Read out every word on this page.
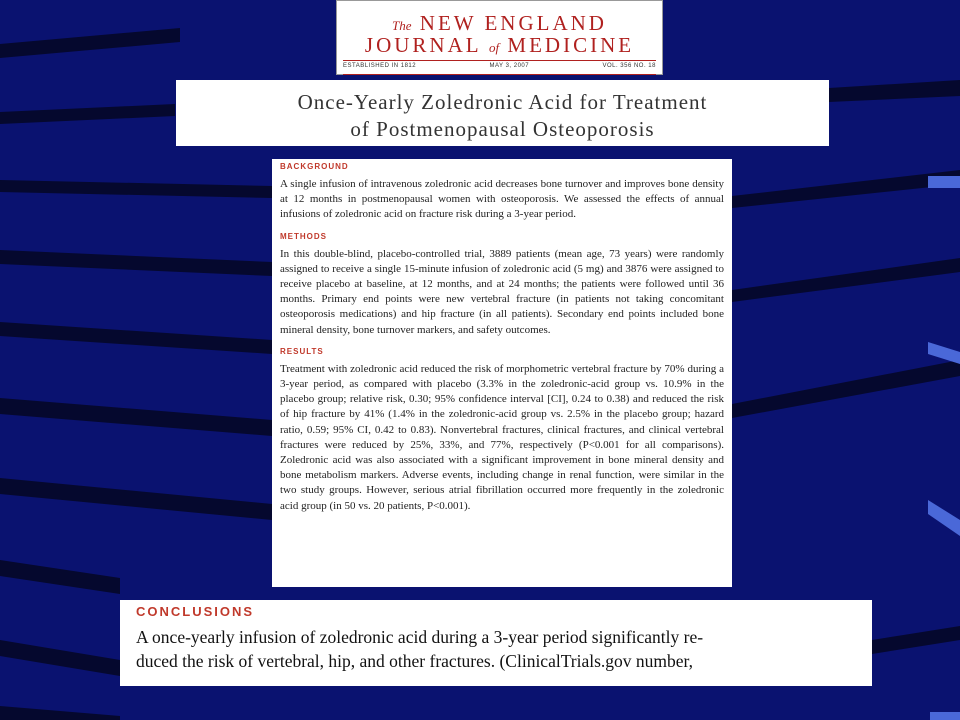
The NEW ENGLAND
JOURNAL of MEDICINE
ESTABLISHED IN 1812	MAY 3, 2007	VOL. 356 NO. 18
Once-Yearly Zoledronic Acid for Treatment
of Postmenopausal Osteoporosis
BACKGROUND

A single infusion of intravenous zoledronic acid decreases bone turnover and improves bone density at 12 months in postmenopausal women with osteoporosis. We assessed the effects of annual infusions of zoledronic acid on fracture risk during a 3-year period.

METHODS

In this double-blind, placebo-controlled trial, 3889 patients (mean age, 73 years) were randomly assigned to receive a single 15-minute infusion of zoledronic acid (5 mg) and 3876 were assigned to receive placebo at baseline, at 12 months, and at 24 months; the patients were followed until 36 months. Primary end points were new vertebral fracture (in patients not taking concomitant osteoporosis medications) and hip fracture (in all patients). Secondary end points included bone mineral density, bone turnover markers, and safety outcomes.

RESULTS

Treatment with zoledronic acid reduced the risk of morphometric vertebral fracture by 70% during a 3-year period, as compared with placebo (3.3% in the zoledronic-acid group vs. 10.9% in the placebo group; relative risk, 0.30; 95% confidence interval [CI], 0.24 to 0.38) and reduced the risk of hip fracture by 41% (1.4% in the zoledronic-acid group vs. 2.5% in the placebo group; hazard ratio, 0.59; 95% CI, 0.42 to 0.83). Nonvertebral fractures, clinical fractures, and clinical vertebral fractures were reduced by 25%, 33%, and 77%, respectively (P<0.001 for all comparisons). Zoledronic acid was also associated with a significant improvement in bone mineral density and bone metabolism markers. Adverse events, including change in renal function, were similar in the two study groups. However, serious atrial fibrillation occurred more frequently in the zoledronic acid group (in 50 vs. 20 patients, P<0.001).

CONCLUSIONS

A once-yearly infusion of zoledronic acid during a 3-year period significantly re-

duced the risk of vertebral, hip, and other fractures. (ClinicalTrials.gov number,
